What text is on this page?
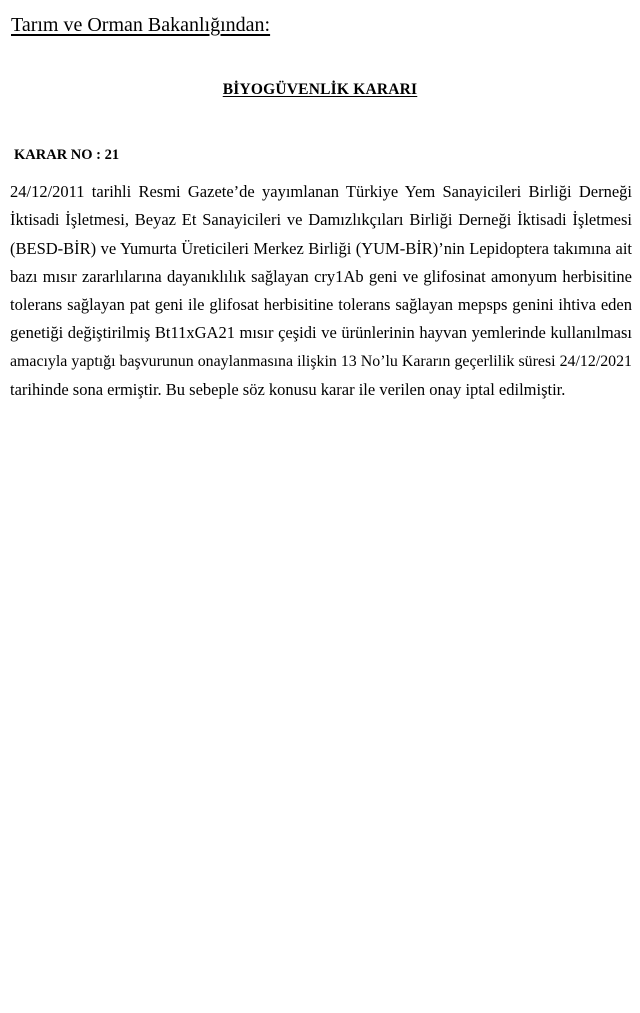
Tarım ve Orman Bakanlığından:
BİYOGÜVENLİK KARARI
KARAR NO : 21
24/12/2011 tarihli Resmi Gazete’de yayımlanan Türkiye Yem Sanayicileri Birliği Derneği
İktisadi İşletmesi, Beyaz Et Sanayicileri ve Damızlıkçıları Birliği Derneği İktisadi İşletmesi
(BESD-BİR) ve Yumurta Üreticileri Merkez Birliği (YUM-BİR)’nin Lepidoptera takımına ait
bazı mısır zararlılarına dayanıklılık sağlayan cry1Ab geni ve glifosinat amonyum herbisitine
tolerans sağlayan pat geni ile glifosat herbisitine tolerans sağlayan mepsps genini ihtiva eden
genetiği değiştirilmiş Bt11xGA21 mısır çeşidi ve ürünlerinin hayvan yemlerinde kullanılması
amacıyla yaptığı başvurunun onaylanmasına ilişkin 13 No’lu Kararın geçerlilik süresi 24/12/2021
tarihinde sona ermiştir. Bu sebeple söz konusu karar ile verilen onay iptal edilmiştir.
